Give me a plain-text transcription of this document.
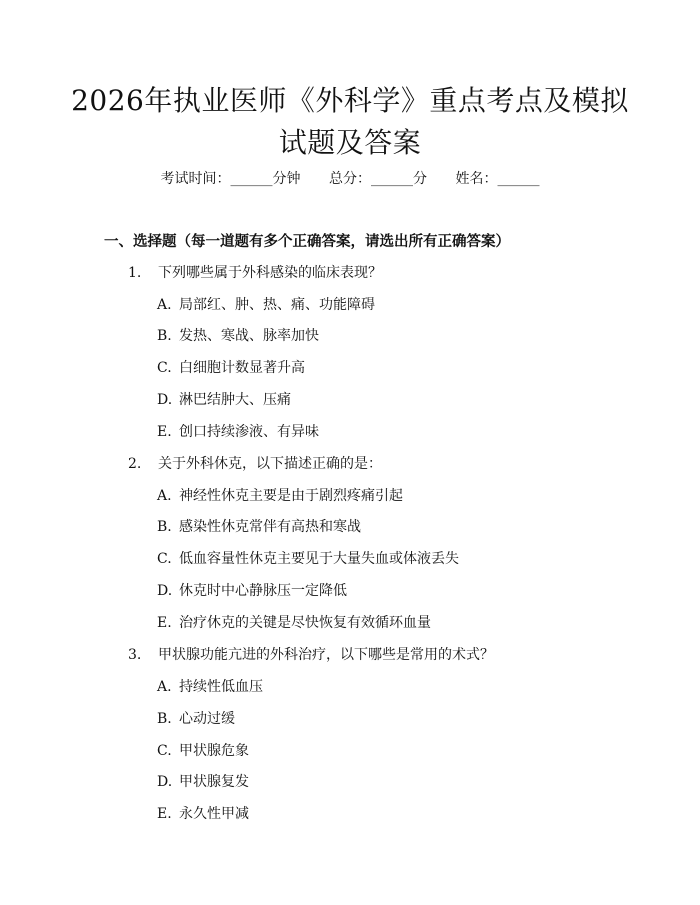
2026年执业医师《外科学》重点考点及模拟
试题及答案
考试时间：______分钟 总分：______分 姓名：______
一、选择题（每一道题有多个正确答案，请选出所有正确答案）
1. 下列哪些属于外科感染的临床表现？
A. 局部红、肿、热、痛、功能障碍
B. 发热、寒战、脉率加快
C. 白细胞计数显著升高
D. 淋巴结肿大、压痛
E. 创口持续渗液、有异味
2. 关于外科休克，以下描述正确的是：
A. 神经性休克主要是由于剧烈疼痛引起
B. 感染性休克常伴有高热和寒战
C. 低血容量性休克主要见于大量失血或体液丢失
D. 休克时中心静脉压一定降低
E. 治疗休克的关键是尽快恢复有效循环血量
3. 甲状腺功能亢进的外科治疗，以下哪些是常用的术式？
A. 持续性低血压
B. 心动过缓
C. 甲状腺危象
D. 甲状腺复发
E. 永久性甲减
